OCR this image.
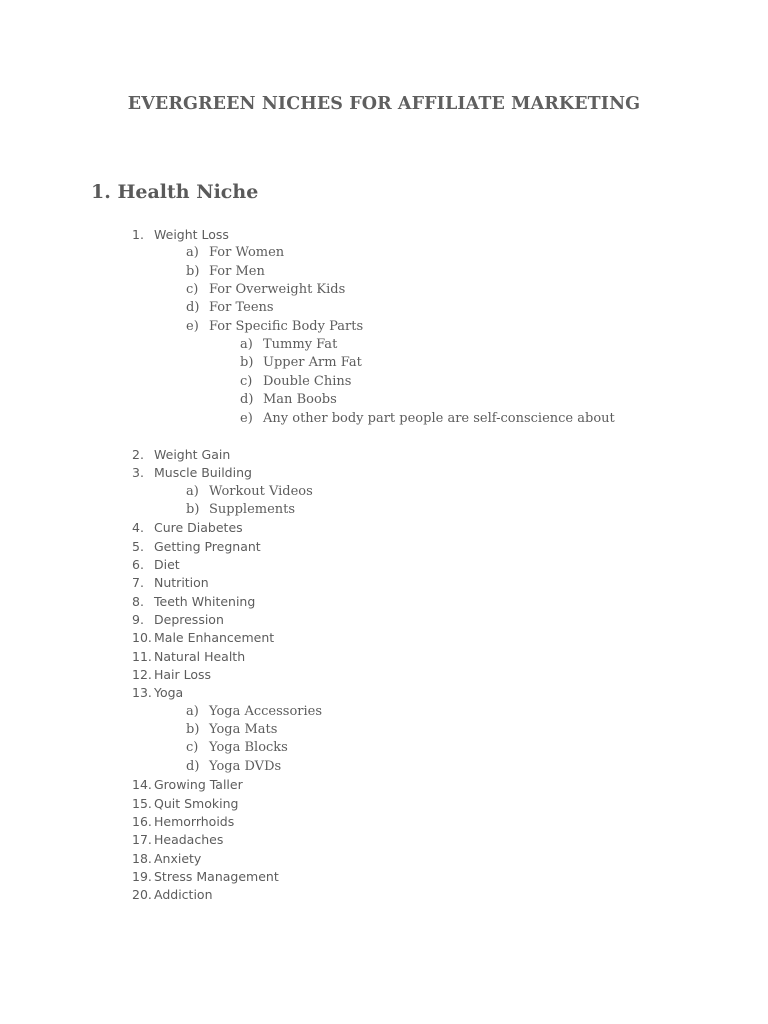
EVERGREEN NICHES FOR AFFILIATE MARKETING
1. Health Niche
1. Weight Loss
a) For Women
b) For Men
c) For Overweight Kids
d) For Teens
e) For Specific Body Parts
a) Tummy Fat
b) Upper Arm Fat
c) Double Chins
d) Man Boobs
e) Any other body part people are self-conscience about
2. Weight Gain
3. Muscle Building
a) Workout Videos
b) Supplements
4. Cure Diabetes
5. Getting Pregnant
6. Diet
7. Nutrition
8. Teeth Whitening
9. Depression
10. Male Enhancement
11. Natural Health
12. Hair Loss
13. Yoga
a) Yoga Accessories
b) Yoga Mats
c) Yoga Blocks
d) Yoga DVDs
14. Growing Taller
15. Quit Smoking
16. Hemorrhoids
17. Headaches
18. Anxiety
19. Stress Management
20. Addiction
